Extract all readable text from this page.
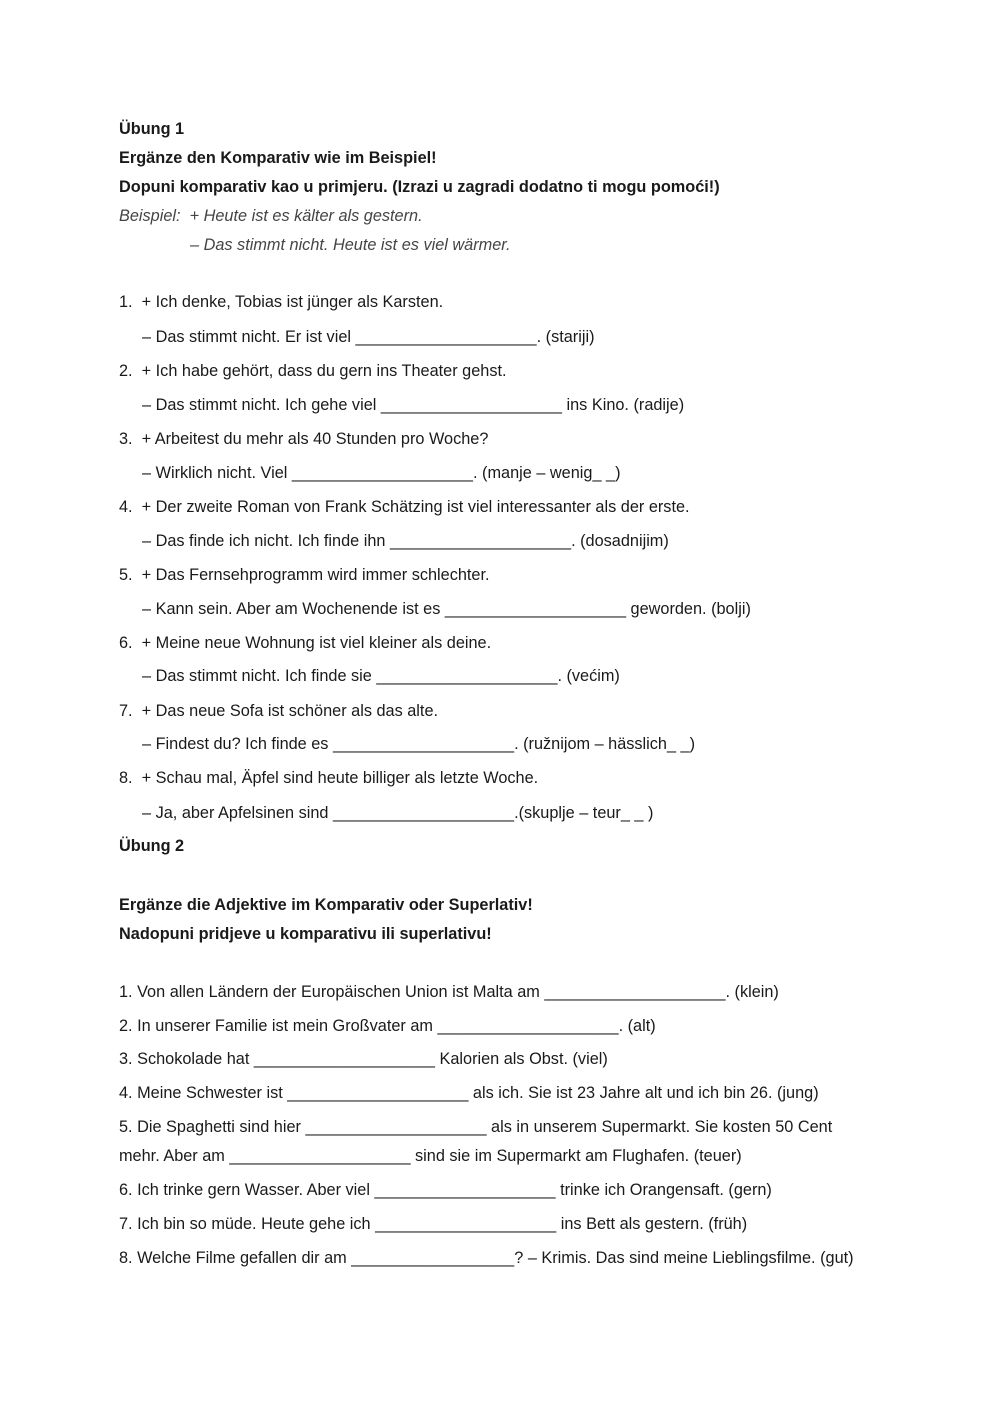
Übung 1
Ergänze den Komparativ wie im Beispiel!
Dopuni komparativ kao u primjeru. (Izrazi u zagradi dodatno ti mogu pomoći!)
Beispiel:  + Heute ist es kälter als gestern.
– Das stimmt nicht. Heute ist es viel wärmer.
1.  + Ich denke, Tobias ist jünger als Karsten.
– Das stimmt nicht. Er ist viel ____________________. (stariji)
2.  + Ich habe gehört, dass du gern ins Theater gehst.
– Das stimmt nicht. Ich gehe viel ____________________ ins Kino. (radije)
3.  + Arbeitest du mehr als 40 Stunden pro Woche?
– Wirklich nicht. Viel ____________________. (manje – wenig_ _)
4.  + Der zweite Roman von Frank Schätzing ist viel interessanter als der erste.
– Das finde ich nicht. Ich finde ihn ____________________. (dosadnijim)
5.  + Das Fernsehprogramm wird immer schlechter.
– Kann sein. Aber am Wochenende ist es ____________________ geworden. (bolji)
6.  + Meine neue Wohnung ist viel kleiner als deine.
– Das stimmt nicht. Ich finde sie ____________________. (većim)
7.  + Das neue Sofa ist schöner als das alte.
– Findest du? Ich finde es ____________________. (ružnijom – hässlich_ _)
8.  + Schau mal, Äpfel sind heute billiger als letzte Woche.
– Ja, aber Apfelsinen sind ____________________.(skuplje – teur_ _ )
Übung 2
Ergänze die Adjektive im Komparativ oder Superlativ!
Nadopuni pridjeve u komparativu ili superlativu!
1. Von allen Ländern der Europäischen Union ist Malta am ____________________. (klein)
2. In unserer Familie ist mein Großvater am ____________________. (alt)
3. Schokolade hat ____________________ Kalorien als Obst. (viel)
4. Meine Schwester ist ____________________ als ich. Sie ist 23 Jahre alt und ich bin 26. (jung)
5. Die Spaghetti sind hier ____________________ als in unserem Supermarkt. Sie kosten 50 Cent
mehr. Aber am ____________________ sind sie im Supermarkt am Flughafen. (teuer)
6. Ich trinke gern Wasser. Aber viel ____________________ trinke ich Orangensaft. (gern)
7. Ich bin so müde. Heute gehe ich ____________________ ins Bett als gestern. (früh)
8. Welche Filme gefallen dir am __________________? – Krimis. Das sind meine Lieblingsfilme. (gut)
